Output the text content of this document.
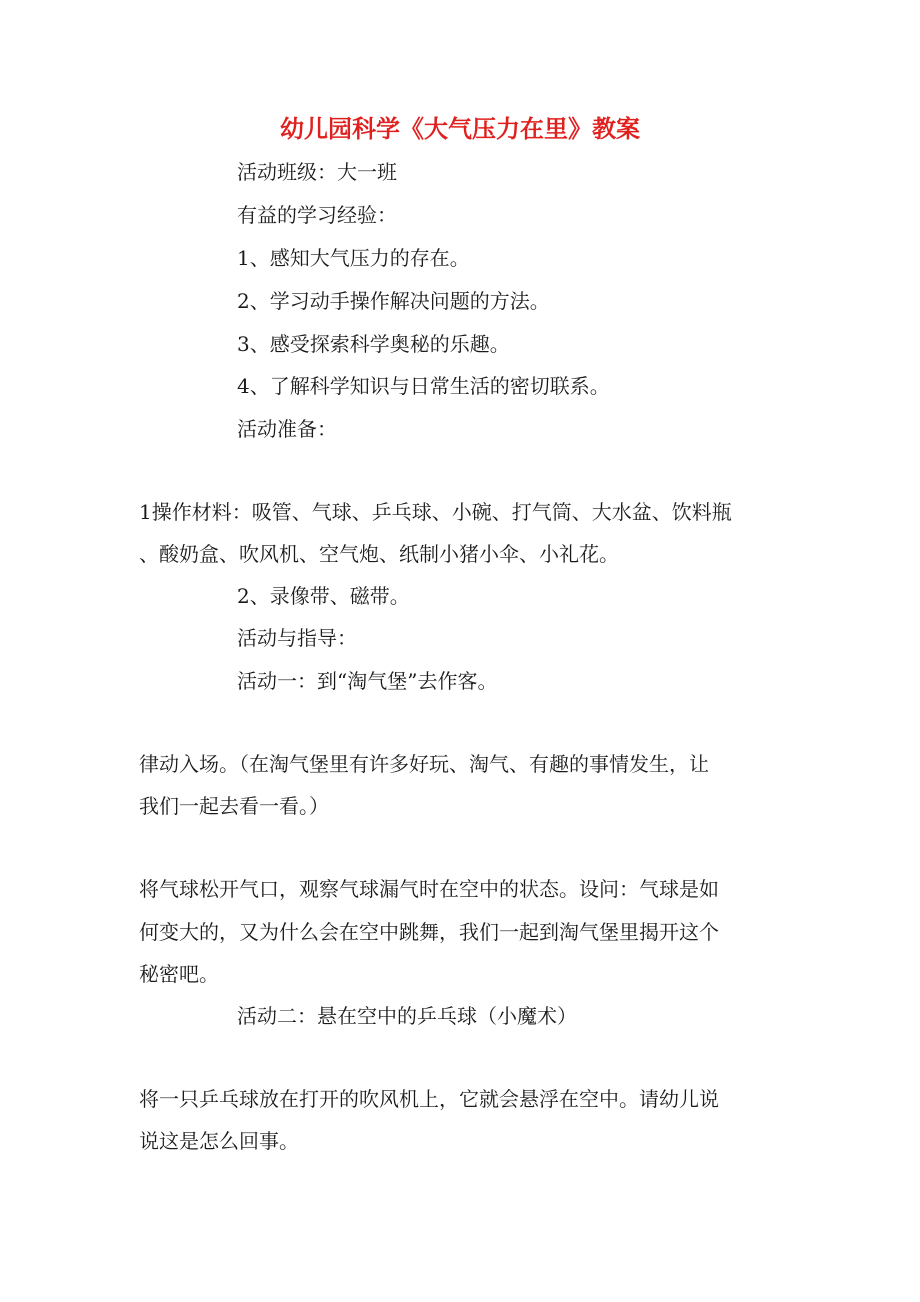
幼儿园科学《大气压力在里》教案

活动班级：大一班

有益的学习经验：

1、感知大气压力的存在。

2、学习动手操作解决问题的方法。

3、感受探索科学奥秘的乐趣。

4、了解科学知识与日常生活的密切联系。

活动准备：

1操作材料：吸管、气球、乒乓球、小碗、打气筒、大水盆、饮料瓶

、酸奶盒、吹风机、空气炮、纸制小猪小伞、小礼花。

2、录像带、磁带。

活动与指导：

活动一：到“淘气堡”去作客。

律动入场。（在淘气堡里有许多好玩、淘气、有趣的事情发生，让

我们一起去看一看。）

将气球松开气口，观察气球漏气时在空中的状态。设问：气球是如

何变大的，又为什么会在空中跳舞，我们一起到淘气堡里揭开这个

秘密吧。

活动二：悬在空中的乒乓球（小魔术）

将一只乒乓球放在打开的吹风机上，它就会悬浮在空中。请幼儿说

说这是怎么回事。
